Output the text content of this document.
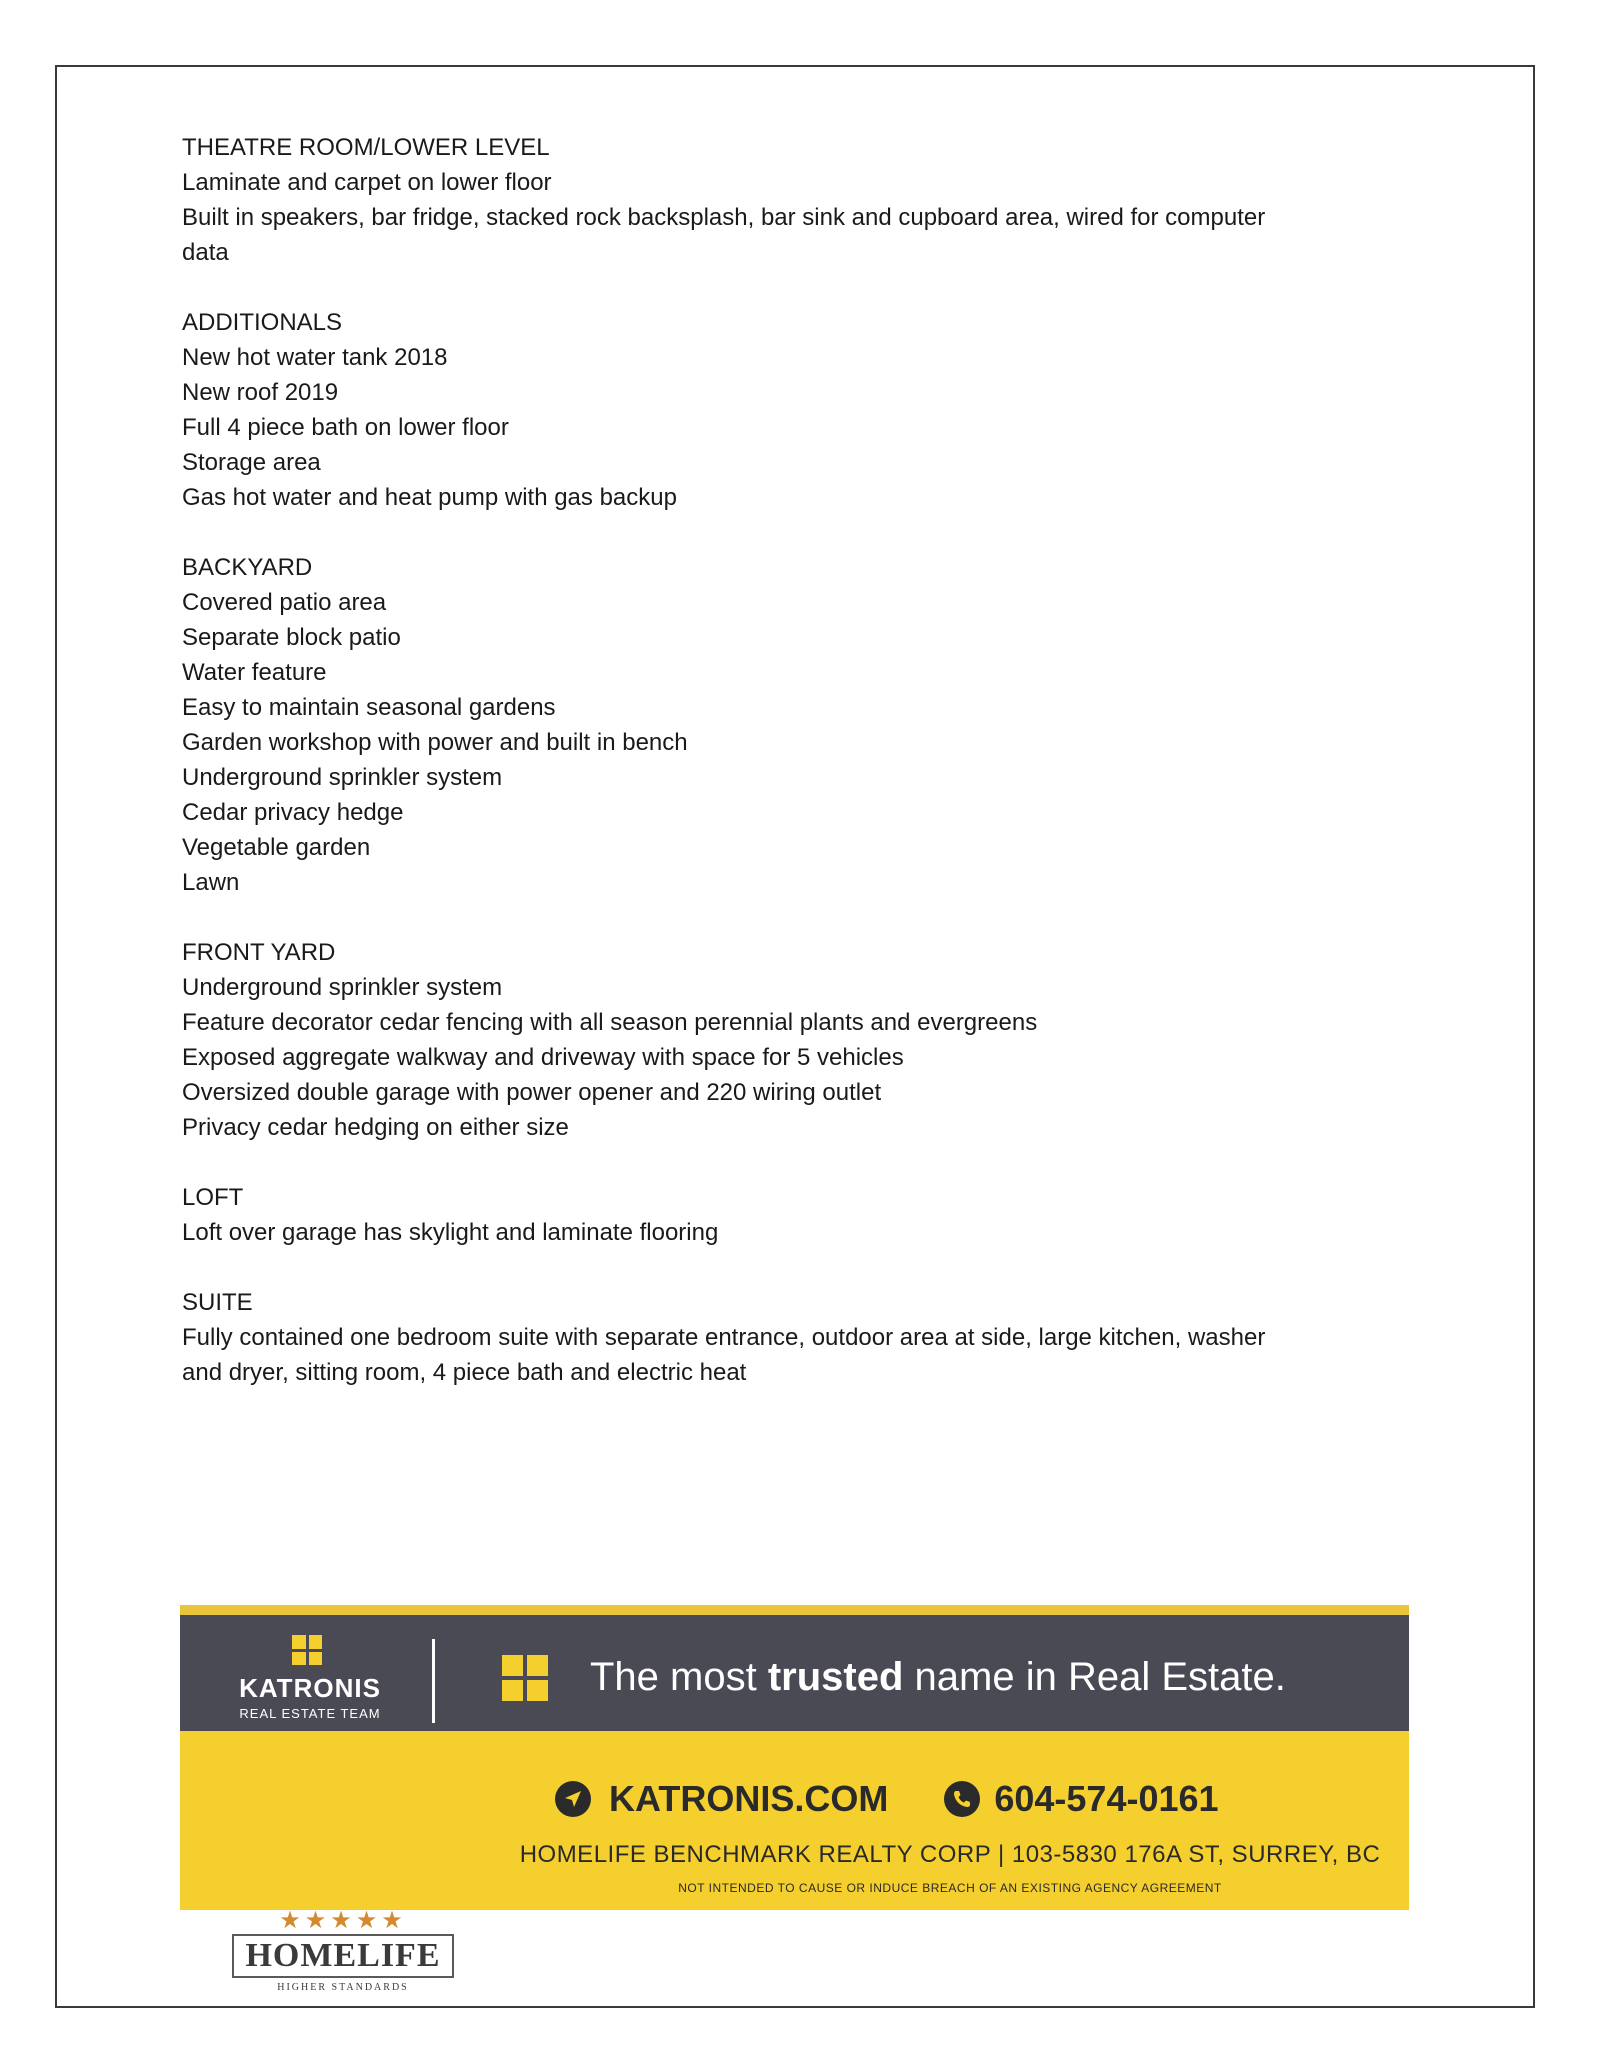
THEATRE ROOM/LOWER LEVEL
Laminate and carpet on lower floor
Built in speakers, bar fridge, stacked rock backsplash, bar sink and cupboard area, wired for computer
data
ADDITIONALS
New hot water tank 2018
New roof 2019
Full 4 piece bath on lower floor
Storage area
Gas hot water and heat pump with gas backup
BACKYARD
Covered patio area
Separate block patio
Water feature
Easy to maintain seasonal gardens
Garden workshop with power and built in bench
Underground sprinkler system
Cedar privacy hedge
Vegetable garden
Lawn
FRONT YARD
Underground sprinkler system
Feature decorator cedar fencing with all season perennial plants and evergreens
Exposed aggregate walkway and driveway with space for 5 vehicles
Oversized double garage with power opener and 220 wiring outlet
Privacy cedar hedging on either size
LOFT
Loft over garage has skylight and laminate flooring
SUITE
Fully contained one bedroom suite with separate entrance, outdoor area at side, large kitchen, washer
and dryer, sitting room, 4 piece bath and electric heat
KATRONIS
REAL ESTATE TEAM
The most trusted name in Real Estate.
★★★★★
HOMELIFE
HIGHER STANDARDS
KATRONIS.COM	604-574-0161
HOMELIFE BENCHMARK REALTY CORP | 103-5830 176A ST, SURREY, BC
NOT INTENDED TO CAUSE OR INDUCE BREACH OF AN EXISTING AGENCY AGREEMENT
